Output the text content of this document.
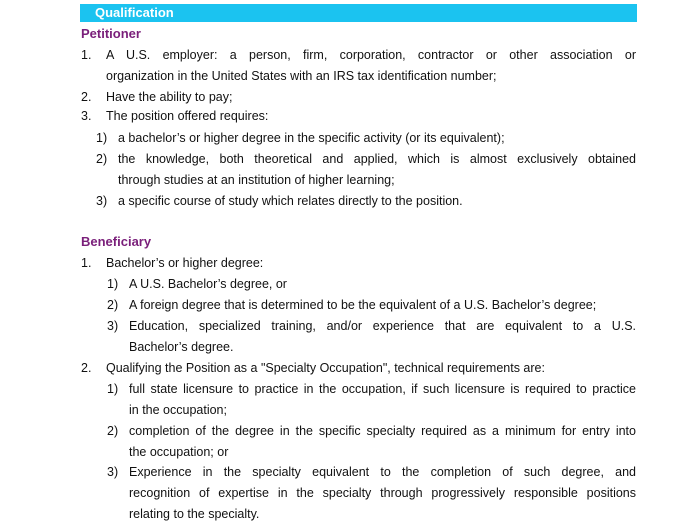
Qualification
Petitioner
1. A U.S. employer: a person, firm, corporation, contractor or other association or
organization in the United States with an IRS tax identification number;
2. Have the ability to pay;
3. The position offered requires:
1) a bachelor’s or higher degree in the specific activity (or its equivalent);
2) the knowledge, both theoretical and applied, which is almost exclusively obtained
through studies at an institution of higher learning;
3) a specific course of study which relates directly to the position.
Beneficiary
1. Bachelor’s or higher degree:
1) A U.S. Bachelor’s degree, or
2) A foreign degree that is determined to be the equivalent of a U.S. Bachelor’s degree;
3) Education, specialized training, and/or experience that are equivalent to a U.S.
Bachelor’s degree.
2. Qualifying the Position as a "Specialty Occupation", technical requirements are:
1) full state licensure to practice in the occupation, if such licensure is required to practice
in the occupation;
2) completion of the degree in the specific specialty required as a minimum for entry into
the occupation; or
3) Experience in the specialty equivalent to the completion of such degree, and
recognition of expertise in the specialty through progressively responsible positions
relating to the specialty.
